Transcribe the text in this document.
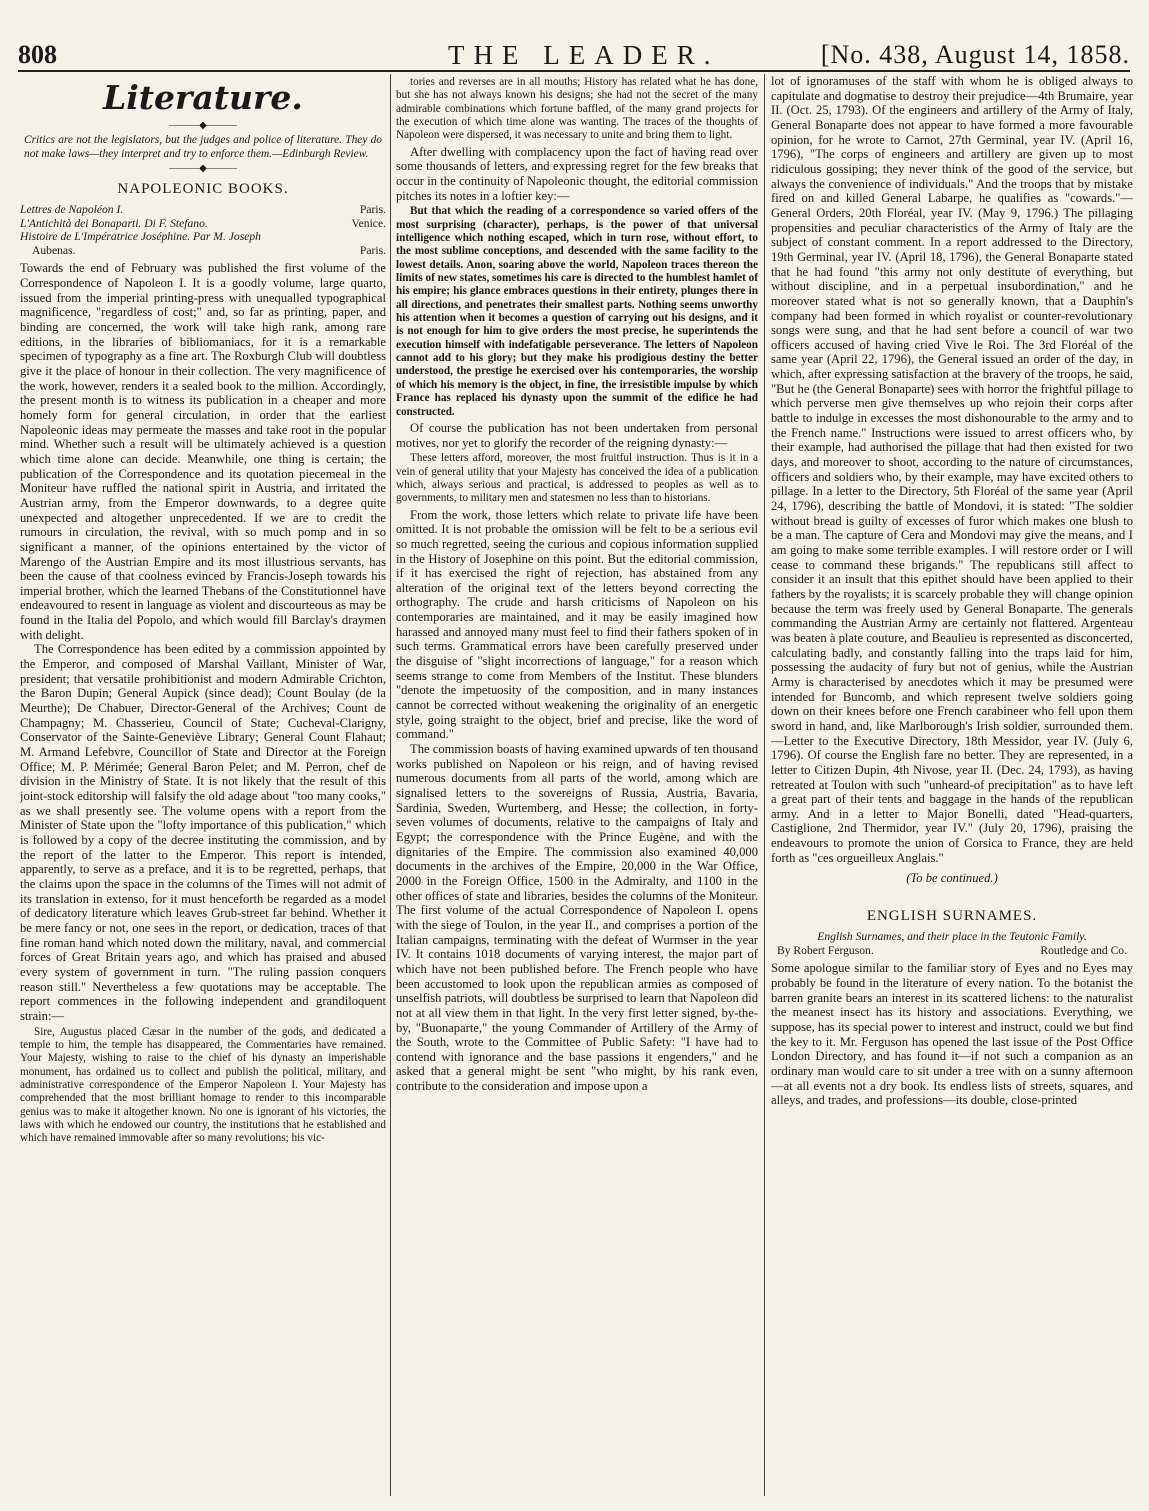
808	THE LEADER.	[No. 438, August 14, 1858.
Literature.
———◆———
Critics are not the legislators, but the judges and police of literature. They do not make laws—they interpret and try to enforce them.—Edinburgh Review.
———◆———
NAPOLEONIC BOOKS.
Lettres de Napoléon I.	Paris.
L'Antichità dei Bonaparti. Di F. Stefano.	Venice.
Histoire de L'Impératrice Joséphine. Par M. Joseph
Aubenas.	Paris.

Towards the end of February was published the first volume of the Correspondence of Napoleon I. It is a goodly volume, large quarto, issued from the imperial printing-press with unequalled typographical magnificence, "regardless of cost;" and, so far as printing, paper, and binding are concerned, the work will take high rank, among rare editions, in the libraries of bibliomaniacs, for it is a remarkable specimen of typography as a fine art. The Roxburgh Club will doubtless give it the place of honour in their collection. The very magnificence of the work, however, renders it a sealed book to the million. Accordingly, the present month is to witness its publication in a cheaper and more homely form for general circulation, in order that the earliest Napoleonic ideas may permeate the masses and take root in the popular mind. Whether such a result will be ultimately achieved is a question which time alone can decide. Meanwhile, one thing is certain; the publication of the Correspondence and its quotation piecemeal in the Moniteur have ruffled the national spirit in Austria, and irritated the Austrian army, from the Emperor downwards, to a degree quite unexpected and altogether unprecedented. If we are to credit the rumours in circulation, the revival, with so much pomp and in so significant a manner, of the opinions entertained by the victor of Marengo of the Austrian Empire and its most illustrious servants, has been the cause of that coolness evinced by Francis-Joseph towards his imperial brother, which the learned Thebans of the Constitutionnel have endeavoured to resent in language as violent and discourteous as may be found in the Italia del Popolo, and which would fill Barclay's draymen with delight.

The Correspondence has been edited by a commission appointed by the Emperor, and composed of Marshal Vaillant, Minister of War, president; that versatile prohibitionist and modern Admirable Crichton, the Baron Dupin; General Aupick (since dead); Count Boulay (de la Meurthe); De Chabuer, Director-General of the Archives; Count de Champagny; M. Chasserieu, Council of State; Cucheval-Clarigny, Conservator of the Sainte-Geneviève Library; General Count Flahaut; M. Armand Lefebvre, Councillor of State and Director at the Foreign Office; M. P. Mérimée; General Baron Pelet; and M. Perron, chef de division in the Ministry of State. It is not likely that the result of this joint-stock editorship will falsify the old adage about "too many cooks," as we shall presently see. The volume opens with a report from the Minister of State upon the "lofty importance of this publication," which is followed by a copy of the decree instituting the commission, and by the report of the latter to the Emperor. This report is intended, apparently, to serve as a preface, and it is to be regretted, perhaps, that the claims upon the space in the columns of the Times will not admit of its translation in extenso, for it must henceforth be regarded as a model of dedicatory literature which leaves Grub-street far behind. Whether it be mere fancy or not, one sees in the report, or dedication, traces of that fine roman hand which noted down the military, naval, and commercial forces of Great Britain years ago, and which has praised and abused every system of government in turn. "The ruling passion conquers reason still." Nevertheless a few quotations may be acceptable. The report commences in the following independent and grandiloquent strain:—

Sire, Augustus placed Cæsar in the number of the gods, and dedicated a temple to him, the temple has disappeared, the Commentaries have remained. Your Majesty, wishing to raise to the chief of his dynasty an imperishable monument, has ordained us to collect and publish the political, military, and administrative correspondence of the Emperor Napoleon I. Your Majesty has comprehended that the most brilliant homage to render to this incomparable genius was to make it altogether known. No one is ignorant of his victories, the laws with which he endowed our country, the institutions that he established and which have remained immovable after so many revolutions; his vic-

tories and reverses are in all mouths; History has related what he has done, but she has not always known his designs; she had not the secret of the many admirable combinations which fortune baffled, of the many grand projects for the execution of which time alone was wanting. The traces of the thoughts of Napoleon were dispersed, it was necessary to unite and bring them to light.

After dwelling with complacency upon the fact of having read over some thousands of letters, and expressing regret for the few breaks that occur in the continuity of Napoleonic thought, the editorial commission pitches its notes in a loftier key:—

But that which the reading of a correspondence so varied offers of the most surprising (character), perhaps, is the power of that universal intelligence which nothing escaped, which in turn rose, without effort, to the most sublime conceptions, and descended with the same facility to the lowest details. Anon, soaring above the world, Napoleon traces thereon the limits of new states, sometimes his care is directed to the humblest hamlet of his empire; his glance embraces questions in their entirety, plunges there in all directions, and penetrates their smallest parts. Nothing seems unworthy his attention when it becomes a question of carrying out his designs, and it is not enough for him to give orders the most precise, he superintends the execution himself with indefatigable perseverance. The letters of Napoleon cannot add to his glory; but they make his prodigious destiny the better understood, the prestige he exercised over his contemporaries, the worship of which his memory is the object, in fine, the irresistible impulse by which France has replaced his dynasty upon the summit of the edifice he had constructed.

Of course the publication has not been undertaken from personal motives, nor yet to glorify the recorder of the reigning dynasty:—

These letters afford, moreover, the most fruitful instruction. Thus is it in a vein of general utility that your Majesty has conceived the idea of a publication which, always serious and practical, is addressed to peoples as well as to governments, to military men and statesmen no less than to historians.

From the work, those letters which relate to private life have been omitted. It is not probable the omission will be felt to be a serious evil so much regretted, seeing the curious and copious information supplied in the History of Josephine on this point. But the editorial commission, if it has exercised the right of rejection, has abstained from any alteration of the original text of the letters beyond correcting the orthography. The crude and harsh criticisms of Napoleon on his contemporaries are maintained, and it may be easily imagined how harassed and annoyed many must feel to find their fathers spoken of in such terms. Grammatical errors have been carefully preserved under the disguise of "slight incorrections of language," for a reason which seems strange to come from Members of the Institut. These blunders "denote the impetuosity of the composition, and in many instances cannot be corrected without weakening the originality of an energetic style, going straight to the object, brief and precise, like the word of command."

The commission boasts of having examined upwards of ten thousand works published on Napoleon or his reign, and of having revised numerous documents from all parts of the world, among which are signalised letters to the sovereigns of Russia, Austria, Bavaria, Sardinia, Sweden, Wurtemberg, and Hesse; the collection, in forty-seven volumes of documents, relative to the campaigns of Italy and Egypt; the correspondence with the Prince Eugène, and with the dignitaries of the Empire. The commission also examined 40,000 documents in the archives of the Empire, 20,000 in the War Office, 2000 in the Foreign Office, 1500 in the Admiralty, and 1100 in the other offices of state and libraries, besides the columns of the Moniteur. The first volume of the actual Correspondence of Napoleon I. opens with the siege of Toulon, in the year II., and comprises a portion of the Italian campaigns, terminating with the defeat of Wurmser in the year IV. It contains 1018 documents of varying interest, the major part of which have not been published before. The French people who have been accustomed to look upon the republican armies as composed of unselfish patriots, will doubtless be surprised to learn that Napoleon did not at all view them in that light. In the very first letter signed, by-the-by, "Buonaparte," the young Commander of Artillery of the Army of the South, wrote to the Committee of Public Safety: "I have had to contend with ignorance and the base passions it engenders," and he asked that a general might be sent "who might, by his rank even, contribute to the consideration and impose upon a

lot of ignoramuses of the staff with whom he is obliged always to capitulate and dogmatise to destroy their prejudice—4th Brumaire, year II. (Oct. 25, 1793). Of the engineers and artillery of the Army of Italy, General Bonaparte does not appear to have formed a more favourable opinion, for he wrote to Carnot, 27th Germinal, year IV. (April 16, 1796), "The corps of engineers and artillery are given up to most ridiculous gossiping; they never think of the good of the service, but always the convenience of individuals." And the troops that by mistake fired on and killed General Labarpe, he qualifies as "cowards."—General Orders, 20th Floréal, year IV. (May 9, 1796.) The pillaging propensities and peculiar characteristics of the Army of Italy are the subject of constant comment. In a report addressed to the Directory, 19th Germinal, year IV. (April 18, 1796), the General Bonaparte stated that he had found "this army not only destitute of everything, but without discipline, and in a perpetual insubordination," and he moreover stated what is not so generally known, that a Dauphin's company had been formed in which royalist or counter-revolutionary songs were sung, and that he had sent before a council of war two officers accused of having cried Vive le Roi. The 3rd Floréal of the same year (April 22, 1796), the General issued an order of the day, in which, after expressing satisfaction at the bravery of the troops, he said, "But he (the General Bonaparte) sees with horror the frightful pillage to which perverse men give themselves up who rejoin their corps after battle to indulge in excesses the most dishonourable to the army and to the French name." Instructions were issued to arrest officers who, by their example, had authorised the pillage that had then existed for two days, and moreover to shoot, according to the nature of circumstances, officers and soldiers who, by their example, may have excited others to pillage. In a letter to the Directory, 5th Floréal of the same year (April 24, 1796), describing the battle of Mondovi, it is stated: "The soldier without bread is guilty of excesses of furor which makes one blush to be a man. The capture of Cera and Mondovi may give the means, and I am going to make some terrible examples. I will restore order or I will cease to command these brigands." The republicans still affect to consider it an insult that this epithet should have been applied to their fathers by the royalists; it is scarcely probable they will change opinion because the term was freely used by General Bonaparte. The generals commanding the Austrian Army are certainly not flattered. Argenteau was beaten à plate couture, and Beaulieu is represented as disconcerted, calculating badly, and constantly falling into the traps laid for him, possessing the audacity of fury but not of genius, while the Austrian Army is characterised by anecdotes which it may be presumed were intended for Buncomb, and which represent twelve soldiers going down on their knees before one French carabineer who fell upon them sword in hand, and, like Marlborough's Irish soldier, surrounded them.—Letter to the Executive Directory, 18th Messidor, year IV. (July 6, 1796). Of course the English fare no better. They are represented, in a letter to Citizen Dupin, 4th Nivose, year II. (Dec. 24, 1793), as having retreated at Toulon with such "unheard-of precipitation" as to have left a great part of their tents and baggage in the hands of the republican army. And in a letter to Major Bonelli, dated "Head-quarters, Castiglione, 2nd Thermidor, year IV." (July 20, 1796), praising the endeavours to promote the union of Corsica to France, they are held forth as "ces orgueilleux Anglais."

(To be continued.)
ENGLISH SURNAMES.
English Surnames, and their place in the Teutonic Family.
By Robert Ferguson.	Routledge and Co.

Some apologue similar to the familiar story of Eyes and no Eyes may probably be found in the literature of every nation. To the botanist the barren granite bears an interest in its scattered lichens: to the naturalist the meanest insect has its history and associations. Everything, we suppose, has its special power to interest and instruct, could we but find the key to it. Mr. Ferguson has opened the last issue of the Post Office London Directory, and has found it—if not such a companion as an ordinary man would care to sit under a tree with on a sunny afternoon—at all events not a dry book. Its endless lists of streets, squares, and alleys, and trades, and professions—its double, close-printed
